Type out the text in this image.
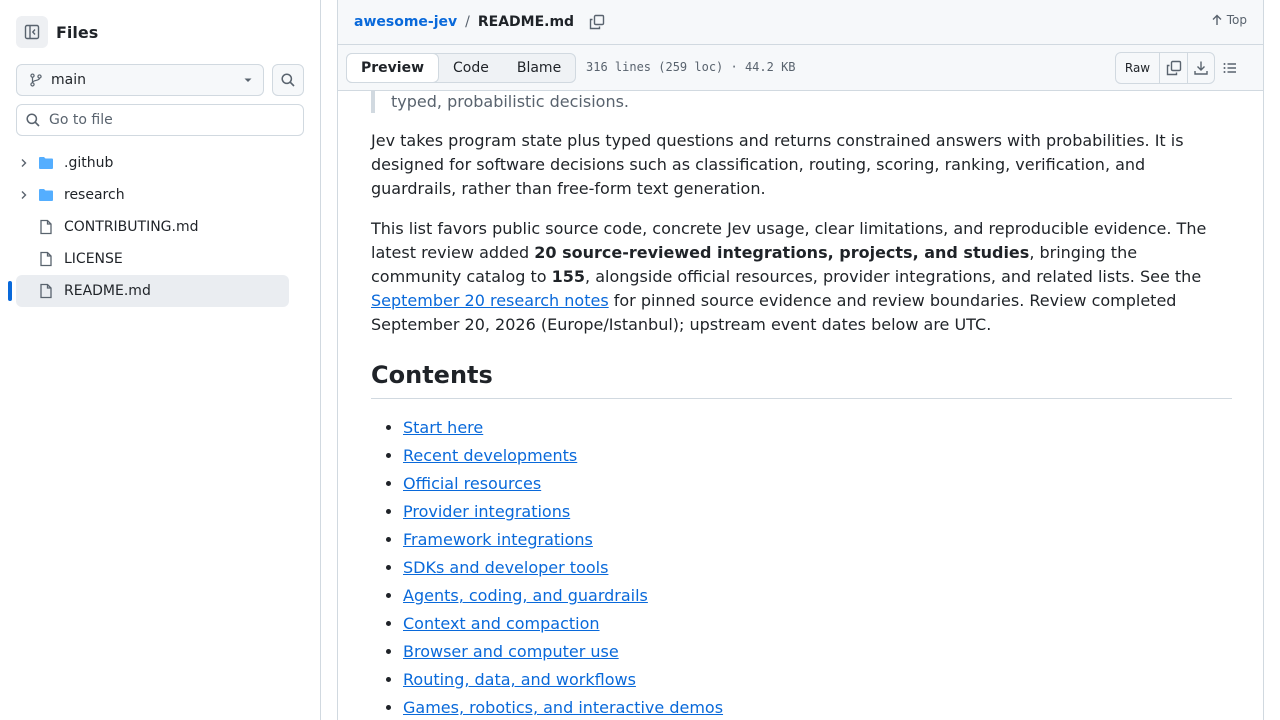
Files
main
Go to file
.github
research
CONTRIBUTING.md
LICENSE
README.md
awesome-jev / README.md	Top
Preview	Code	Blame	316 lines (259 loc) · 44.2 KB	Raw
typed, probabilistic decisions.

Jev takes program state plus typed questions and returns constrained answers with probabilities. It is designed for software decisions such as classification, routing, scoring, ranking, verification, and guardrails, rather than free-form text generation.

This list favors public source code, concrete Jev usage, clear limitations, and reproducible evidence. The latest review added 20 source-reviewed integrations, projects, and studies, bringing the community catalog to 155, alongside official resources, provider integrations, and related lists. See the September 20 research notes for pinned source evidence and review boundaries. Review completed September 20, 2026 (Europe/Istanbul); upstream event dates below are UTC.

Contents
• Start here
• Recent developments
• Official resources
• Provider integrations
• Framework integrations
• SDKs and developer tools
• Agents, coding, and guardrails
• Context and compaction
• Browser and computer use
• Routing, data, and workflows
• Games, robotics, and interactive demos
